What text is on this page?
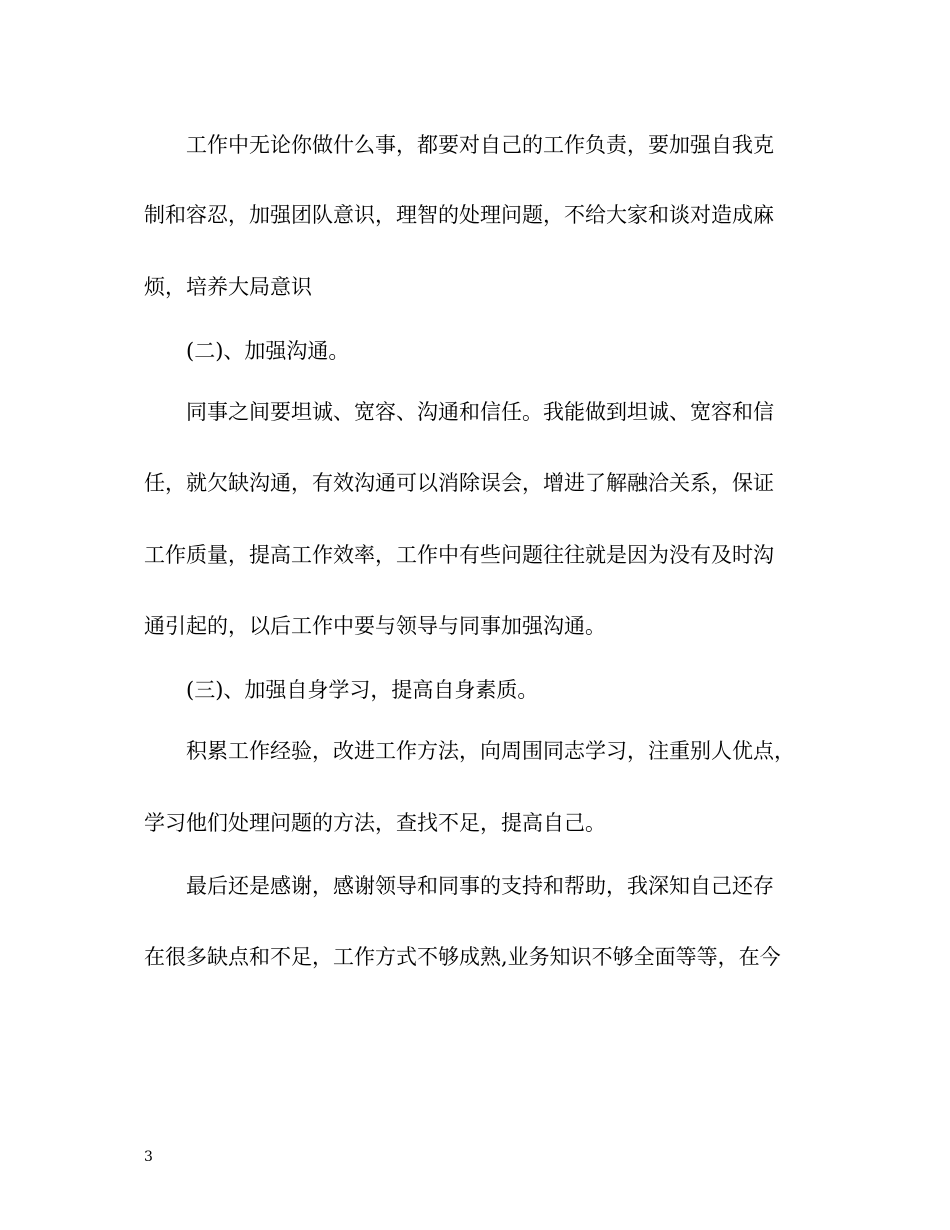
工作中无论你做什么事，都要对自己的工作负责，要加强自我克
制和容忍，加强团队意识，理智的处理问题，不给大家和谈对造成麻
烦，培养大局意识
(二)、加强沟通。
同事之间要坦诚、宽容、沟通和信任。我能做到坦诚、宽容和信
任，就欠缺沟通，有效沟通可以消除误会，增进了解融洽关系，保证
工作质量，提高工作效率，工作中有些问题往往就是因为没有及时沟
通引起的，以后工作中要与领导与同事加强沟通。
(三)、加强自身学习，提高自身素质。
积累工作经验，改进工作方法，向周围同志学习，注重别人优点，
学习他们处理问题的方法，查找不足，提高自己。
最后还是感谢，感谢领导和同事的支持和帮助，我深知自己还存
在很多缺点和不足，工作方式不够成熟,业务知识不够全面等等，在今
3
